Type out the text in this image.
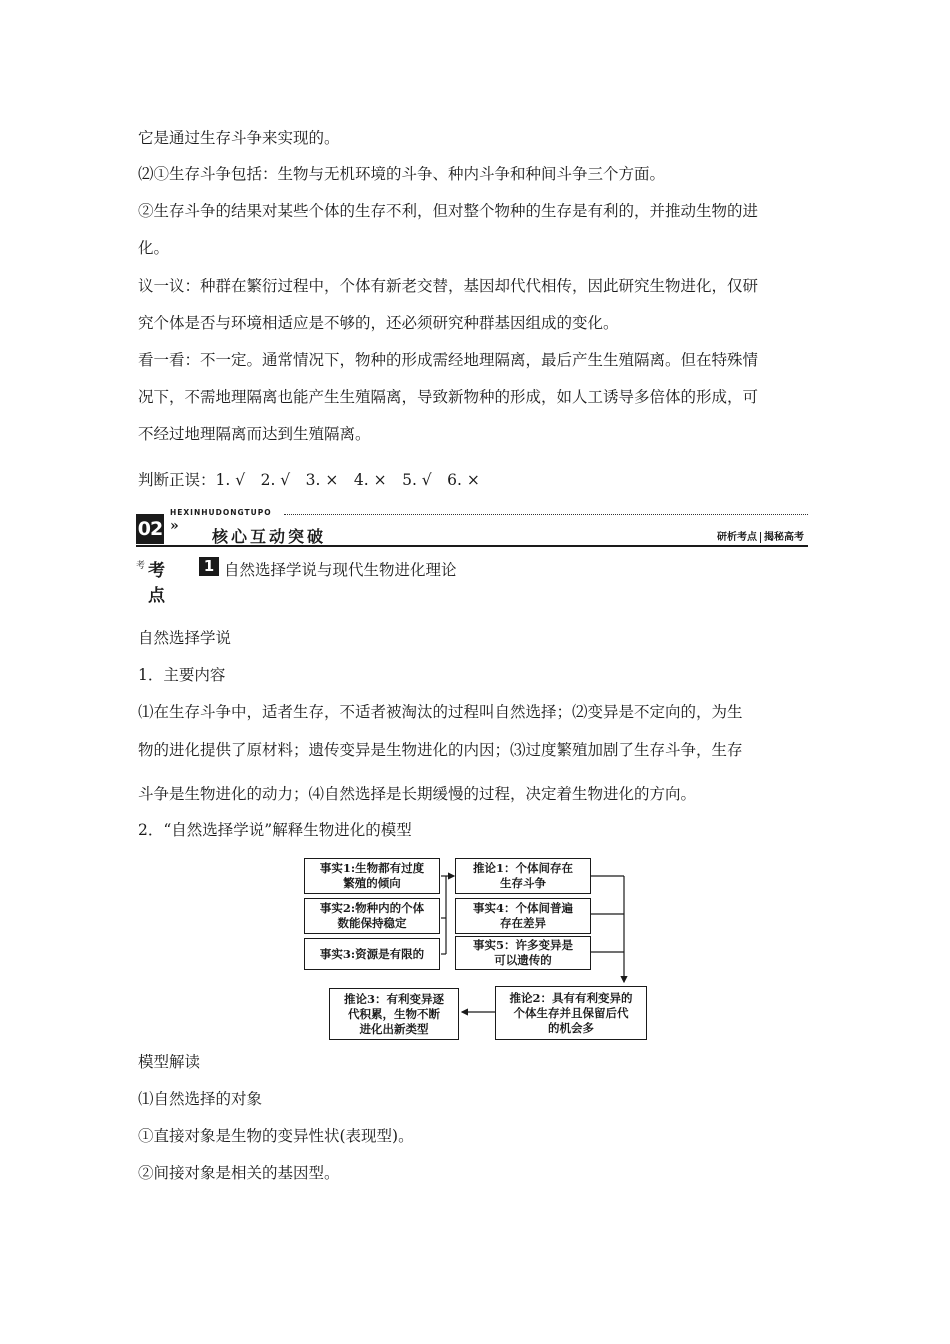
它是通过生存斗争来实现的。
⑵①生存斗争包括：生物与无机环境的斗争、种内斗争和种间斗争三个方面。
②生存斗争的结果对某些个体的生存不利，但对整个物种的生存是有利的，并推动生物的进
化。
议一议：种群在繁衍过程中，个体有新老交替，基因却代代相传，因此研究生物进化，仅研
究个体是否与环境相适应是不够的，还必须研究种群基因组成的变化。
看一看：不一定。通常情况下，物种的形成需经地理隔离，最后产生生殖隔离。但在特殊情
况下，不需地理隔离也能产生生殖隔离，导致新物种的形成，如人工诱导多倍体的形成，可
不经过地理隔离而达到生殖隔离。
判断正误：1. √　2. √　3. ×　4. ×　5. √　6. ×
02
HEXINHUDONGTUPO
»
核心互动突破	研析考点 揭秘高考
考 考点
1 自然选择学说与现代生物进化理论
自然选择学说
1．主要内容
⑴在生存斗争中，适者生存，不适者被淘汰的过程叫自然选择；⑵变异是不定向的，为生
物的进化提供了原材料；遗传变异是生物进化的内因；⑶过度繁殖加剧了生存斗争，生存
斗争是生物进化的动力；⑷自然选择是长期缓慢的过程，决定着生物进化的方向。
2．“自然选择学说”解释生物进化的模型
事实1:生物都有过度
繁殖的倾向
事实2:物种内的个体
数能保持稳定
事实3:资源是有限的
推论1：个体间存在
生存斗争
事实4：个体间普遍
存在差异
事实5：许多变异是
可以遗传的
推论2：具有有利变异的
个体生存并且保留后代
的机会多
推论3：有利变异逐
代积累，生物不断
进化出新类型
模型解读
⑴自然选择的对象
①直接对象是生物的变异性状(表现型)。
②间接对象是相关的基因型。
